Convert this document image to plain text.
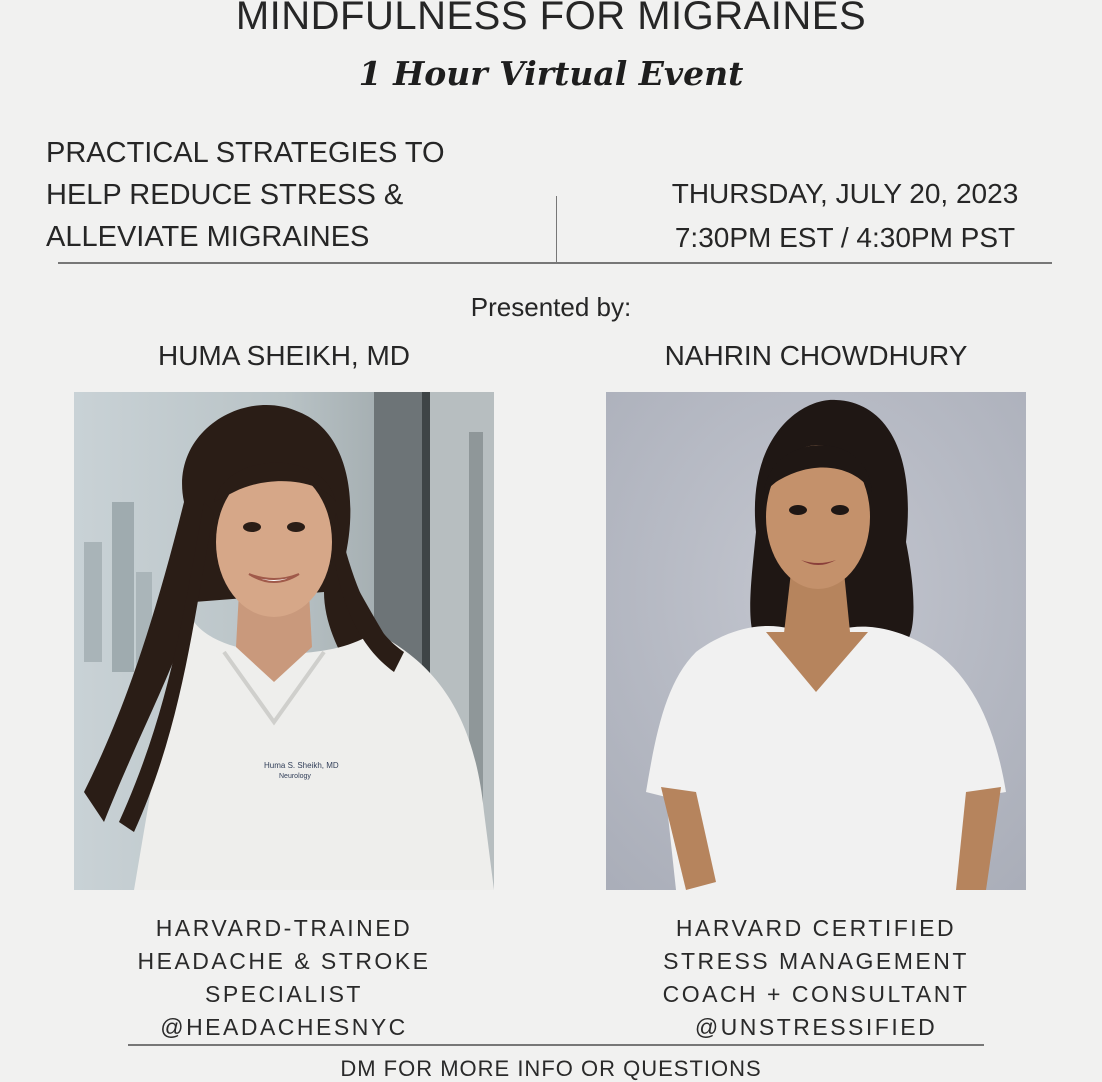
MINDFULNESS FOR MIGRAINES
1 Hour Virtual Event
PRACTICAL STRATEGIES TO
HELP REDUCE STRESS &
ALLEVIATE MIGRAINES
THURSDAY, JULY 20, 2023
7:30PM EST / 4:30PM PST
Presented by:
HUMA SHEIKH, MD	NAHRIN CHOWDHURY
Huma S. Sheikh, MD
Neurology
HARVARD-TRAINED
HEADACHE & STROKE
SPECIALIST
@HEADACHESNYC
HARVARD CERTIFIED
STRESS MANAGEMENT
COACH + CONSULTANT
@UNSTRESSIFIED
DM FOR MORE INFO OR QUESTIONS
